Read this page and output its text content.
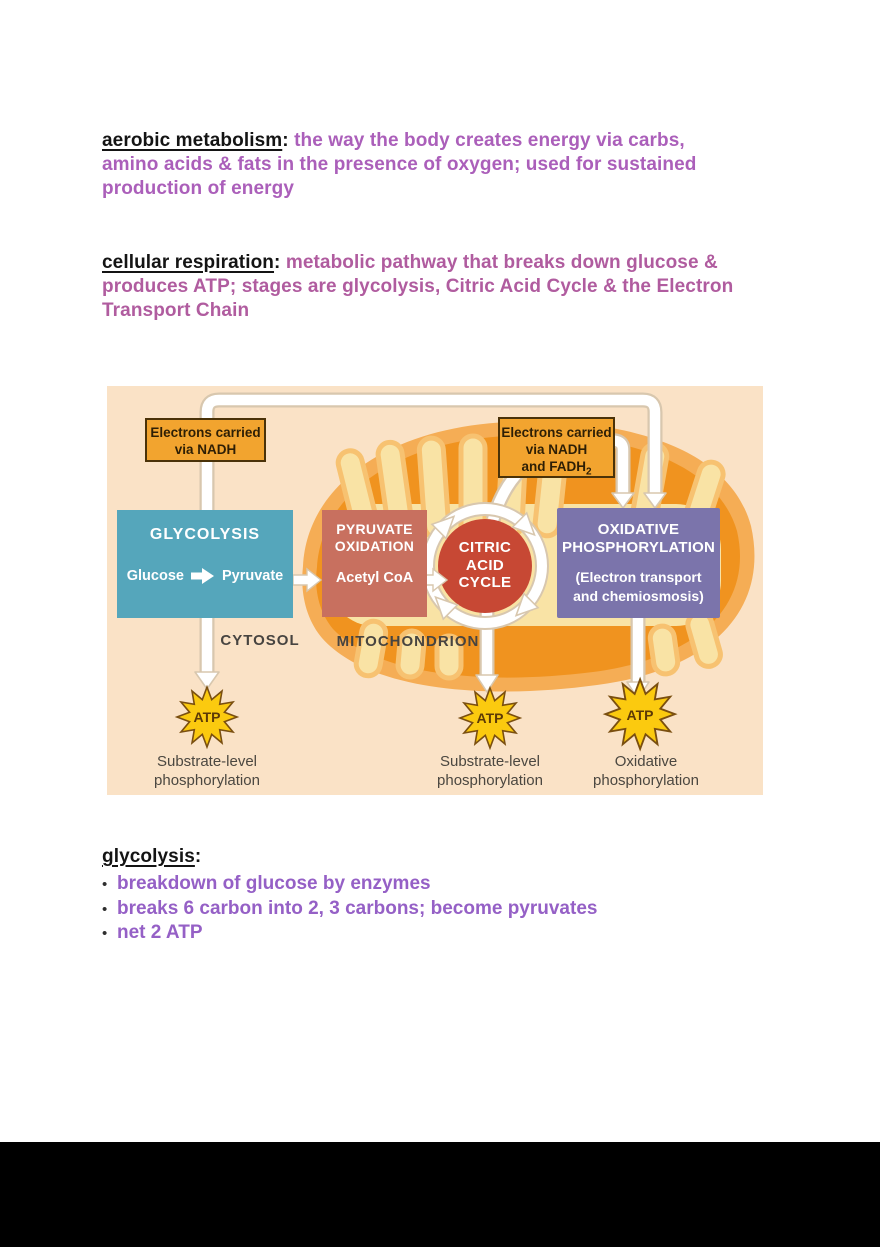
aerobic metabolism: the way the body creates energy via carbs,
amino acids & fats in the presence of oxygen; used for sustained
production of energy

cellular respiration: metabolic pathway that breaks down glucose &
produces ATP; stages are glycolysis, Citric Acid Cycle & the Electron
Transport Chain

ATP	ATP	ATP
Electrons carried
via NADH
Electrons carried
via NADH
and $FADH_2$
GLYCOLYSIS
Glucose	Pyruvate
PYRUVATE
OXIDATION
Acetyl CoA
CITRIC
ACID
CYCLE
OXIDATIVE
PHOSPHORYLATION
(Electron transport
and chemiosmosis)
CYTOSOL	MITOCHONDRION
Substrate-level
phosphorylation
Substrate-level
phosphorylation
Oxidative
phosphorylation

glycolysis:

• breakdown of glucose by enzymes
• breaks 6 carbon into 2, 3 carbons; become pyruvates
• net 2 ATP
